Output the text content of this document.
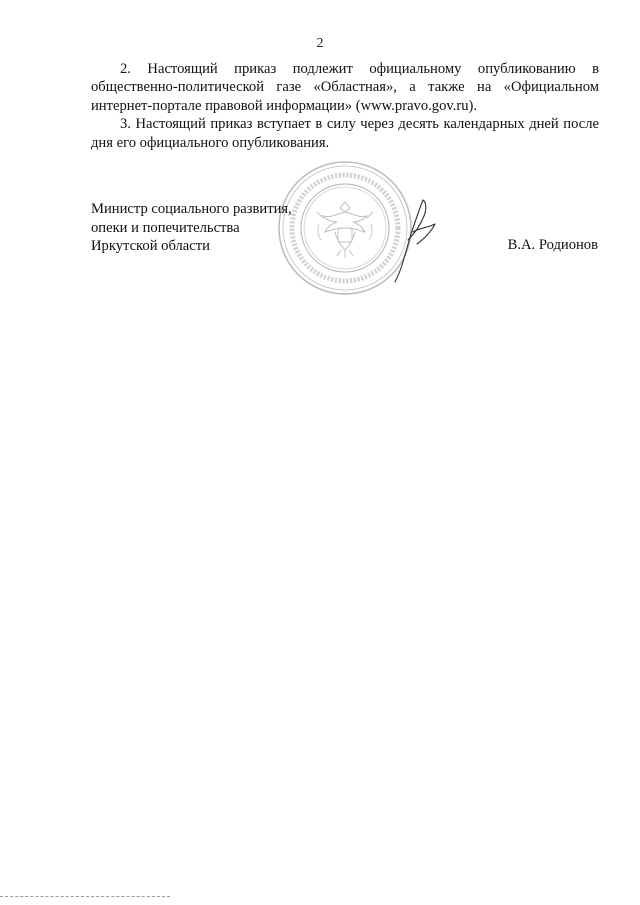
2

2. Настоящий приказ подлежит официальному опубликованию в общественно-политической газе «Областная», а также на «Официальном интернет-портале правовой информации» (www.pravo.gov.ru).

3. Настоящий приказ вступает в силу через десять календарных дней после дня его официального опубликования.

Министр социального развития,
опеки и попечительства
Иркутской области	В.А. Родионов
